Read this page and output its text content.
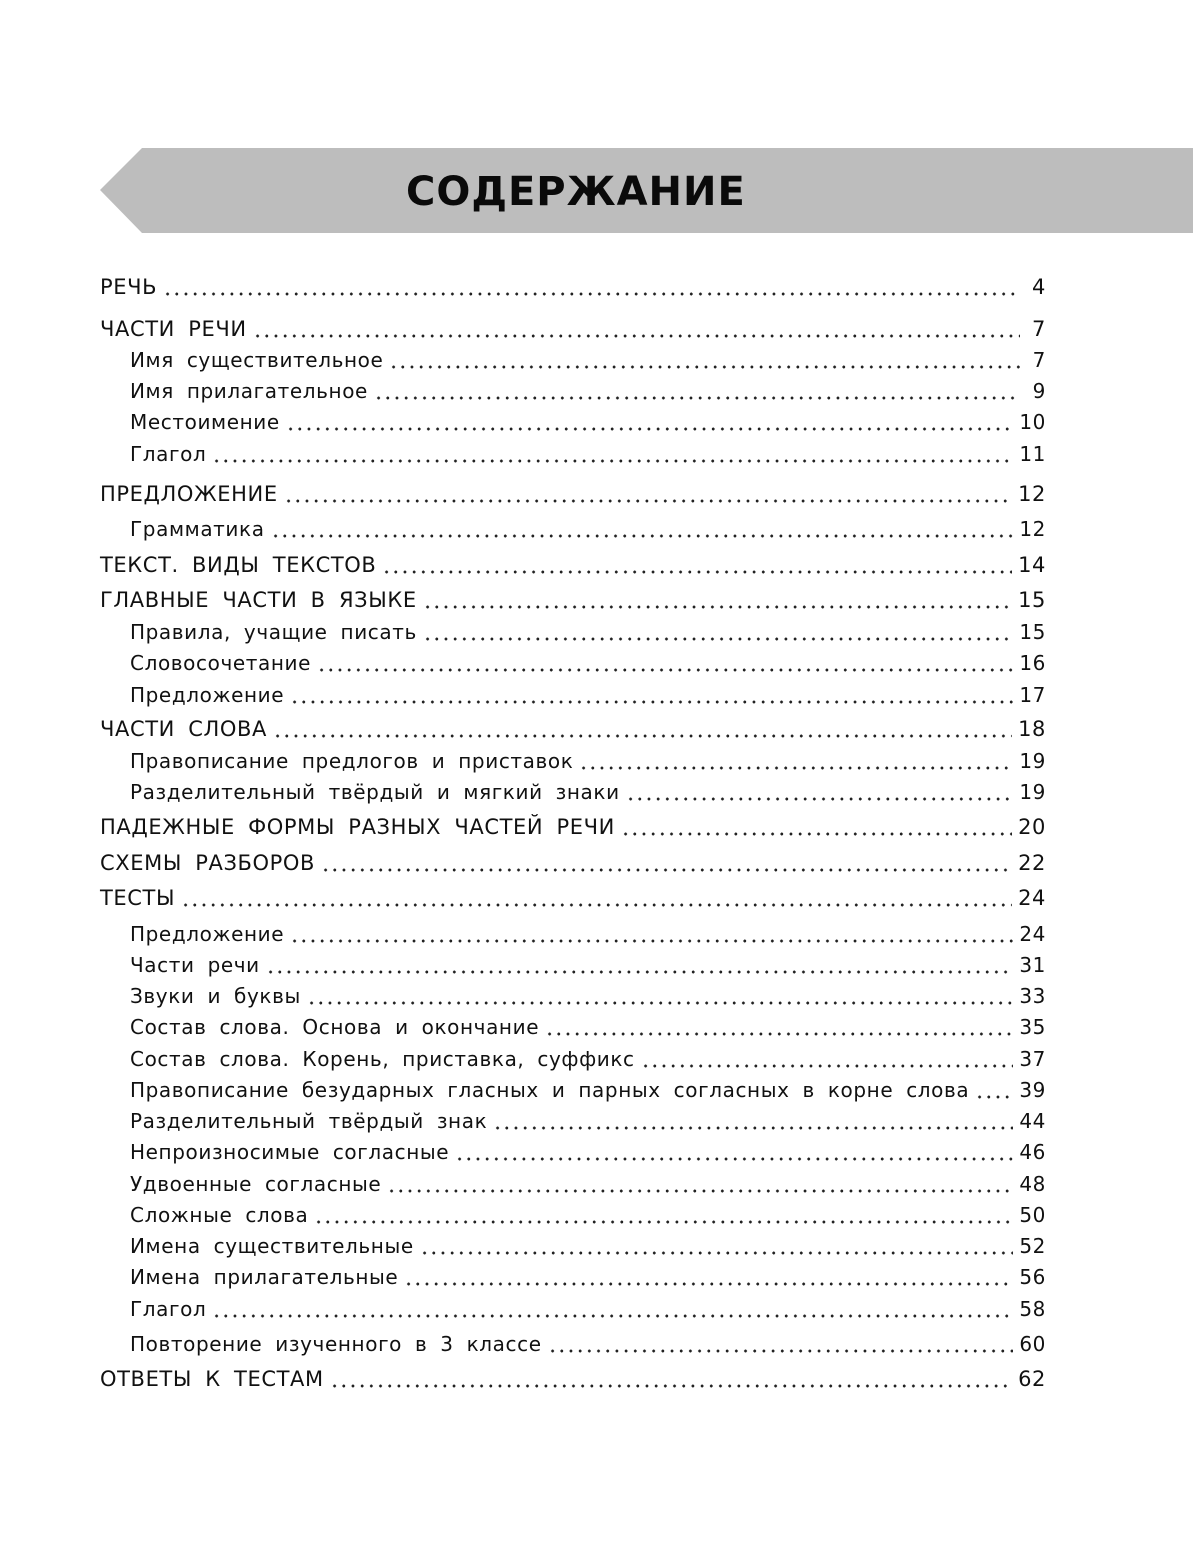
СОДЕРЖАНИЕ
РЕЧЬ	4
ЧАСТИ РЕЧИ	7
Имя существительное	7
Имя прилагательное	9
Местоимение	10
Глагол	11
ПРЕДЛОЖЕНИЕ	12
Грамматика	12
ТЕКСТ. ВИДЫ ТЕКСТОВ	14
ГЛАВНЫЕ ЧАСТИ В ЯЗЫКЕ	15
Правила, учащие писать	15
Словосочетание	16
Предложение	17
ЧАСТИ СЛОВА	18
Правописание предлогов и приставок	19
Разделительный твёрдый и мягкий знаки	19
ПАДЕЖНЫЕ ФОРМЫ РАЗНЫХ ЧАСТЕЙ РЕЧИ	20
СХЕМЫ РАЗБОРОВ	22
ТЕСТЫ	24
Предложение	24
Части речи	31
Звуки и буквы	33
Состав слова. Основа и окончание	35
Состав слова. Корень, приставка, суффикс	37
Правописание безударных гласных и парных согласных в корне слова	39
Разделительный твёрдый знак	44
Непроизносимые согласные	46
Удвоенные согласные	48
Сложные слова	50
Имена существительные	52
Имена прилагательные	56
Глагол	58
Повторение изученного в 3 классе	60
ОТВЕТЫ К ТЕСТАМ	62
